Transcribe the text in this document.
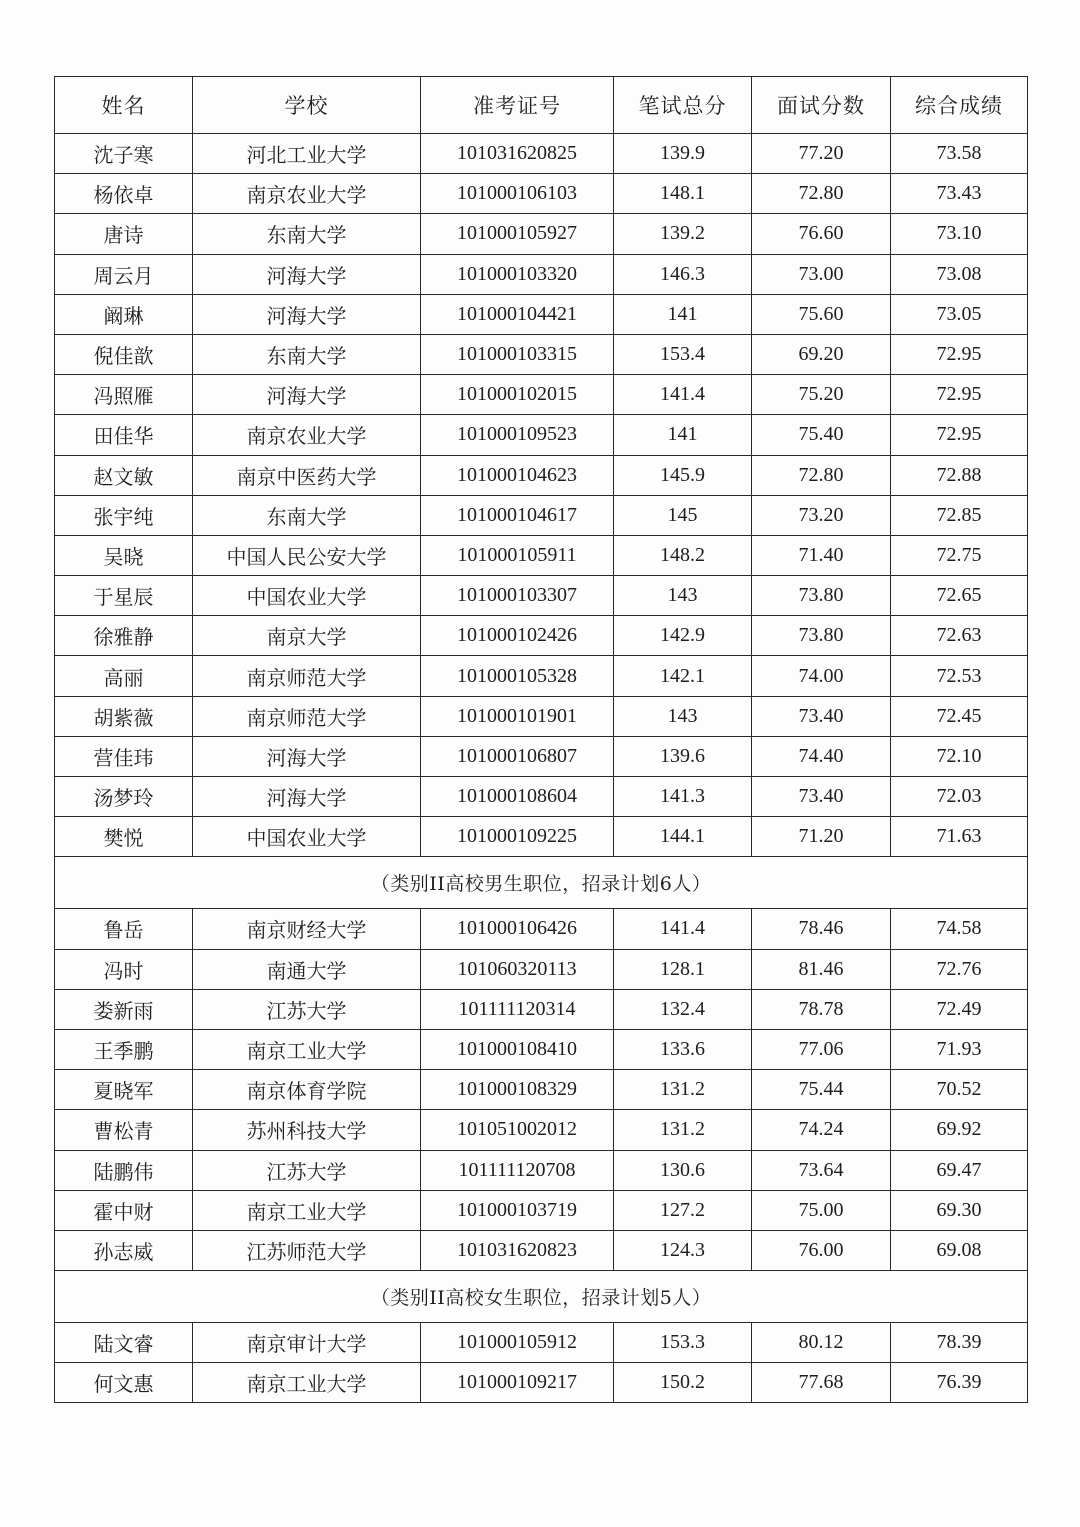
姓名	学校	准考证号	笔试总分	面试分数	综合成绩
沈子寒	河北工业大学	101031620825	139.9	77.20	73.58
杨依卓	南京农业大学	101000106103	148.1	72.80	73.43
唐诗	东南大学	101000105927	139.2	76.60	73.10
周云月	河海大学	101000103320	146.3	73.00	73.08
阚琳	河海大学	101000104421	141	75.60	73.05
倪佳歆	东南大学	101000103315	153.4	69.20	72.95
冯照雁	河海大学	101000102015	141.4	75.20	72.95
田佳华	南京农业大学	101000109523	141	75.40	72.95
赵文敏	南京中医药大学	101000104623	145.9	72.80	72.88
张宇纯	东南大学	101000104617	145	73.20	72.85
吴晓	中国人民公安大学	101000105911	148.2	71.40	72.75
于星辰	中国农业大学	101000103307	143	73.80	72.65
徐雅静	南京大学	101000102426	142.9	73.80	72.63
高丽	南京师范大学	101000105328	142.1	74.00	72.53
胡紫薇	南京师范大学	101000101901	143	73.40	72.45
营佳玮	河海大学	101000106807	139.6	74.40	72.10
汤梦玲	河海大学	101000108604	141.3	73.40	72.03
樊悦	中国农业大学	101000109225	144.1	71.20	71.63
（类别II高校男生职位，招录计划6人）					
鲁岳	南京财经大学	101000106426	141.4	78.46	74.58
冯时	南通大学	101060320113	128.1	81.46	72.76
娄新雨	江苏大学	101111120314	132.4	78.78	72.49
王季鹏	南京工业大学	101000108410	133.6	77.06	71.93
夏晓军	南京体育学院	101000108329	131.2	75.44	70.52
曹松青	苏州科技大学	101051002012	131.2	74.24	69.92
陆鹏伟	江苏大学	101111120708	130.6	73.64	69.47
霍中财	南京工业大学	101000103719	127.2	75.00	69.30
孙志威	江苏师范大学	101031620823	124.3	76.00	69.08
（类别II高校女生职位，招录计划5人）					
陆文睿	南京审计大学	101000105912	153.3	80.12	78.39
何文惠	南京工业大学	101000109217	150.2	77.68	76.39
